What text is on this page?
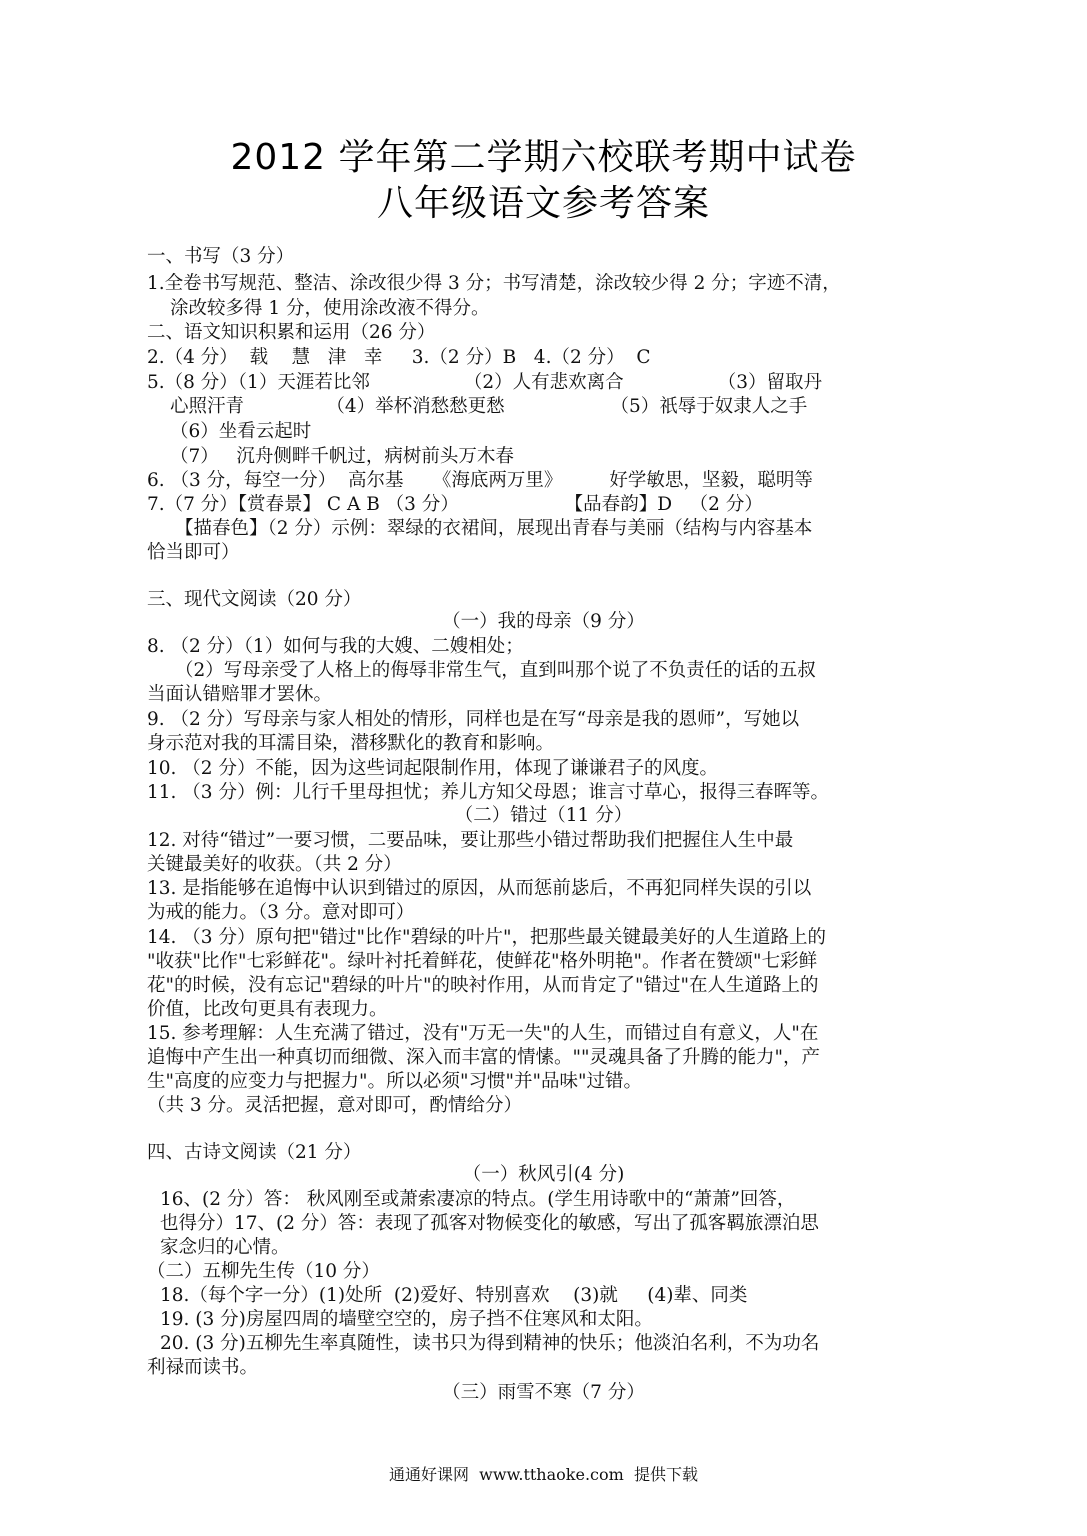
2012 学年第二学期六校联考期中试卷
八年级语文参考答案
一、书写（3 分）
1.全卷书写规范、整洁、涂改很少得 3 分；书写清楚，涂改较少得 2 分；字迹不清，
涂改较多得 1 分，使用涂改液不得分。
二、语文知识积累和运用（26 分）
2.（4 分）  载    慧   津   幸     3.（2 分）B   4.（2 分）  C
5.（8 分）（1）天涯若比邻                （2）人有悲欢离合                （3）留取丹
心照汗青              （4）举杯消愁愁更愁                  （5）祇辱于奴隶人之手
（6）坐看云起时
（7）   沉舟侧畔千帆过，病树前头万木春
6. （3 分，每空一分）  高尔基     《海底两万里》        好学敏思，坚毅，聪明等
7.（7 分）【赏春景】 C A B （3 分）                  【品春韵】D   （2 分）
【描春色】（2 分）示例：翠绿的衣裙间，展现出青春与美丽（结构与内容基本
恰当即可）
三、现代文阅读（20 分）
（一）我的母亲（9 分）
8. （2 分）（1）如何与我的大嫂、二嫂相处；
（2）写母亲受了人格上的侮辱非常生气，直到叫那个说了不负责任的话的五叔
当面认错赔罪才罢休。
9. （2 分）写母亲与家人相处的情形，同样也是在写“母亲是我的恩师”，写她以
身示范对我的耳濡目染，潜移默化的教育和影响。
10. （2 分）不能，因为这些词起限制作用，体现了谦谦君子的风度。
11. （3 分）例：儿行千里母担忧；养儿方知父母恩；谁言寸草心，报得三春晖等。
（二）错过（11 分）
12. 对待“错过”一要习惯，二要品味，要让那些小错过帮助我们把握住人生中最
关键最美好的收获。（共 2 分）
13. 是指能够在追悔中认识到错过的原因，从而惩前毖后，不再犯同样失误的引以
为戒的能力。（3 分。意对即可）
14. （3 分）原句把"错过"比作"碧绿的叶片"，把那些最关键最美好的人生道路上的
"收获"比作"七彩鲜花"。绿叶衬托着鲜花，使鲜花"格外明艳"。作者在赞颂"七彩鲜
花"的时候，没有忘记"碧绿的叶片"的映衬作用，从而肯定了"错过"在人生道路上的
价值，比改句更具有表现力。
15. 参考理解：人生充满了错过，没有"万无一失"的人生，而错过自有意义，人"在
追悔中产生出一种真切而细微、深入而丰富的情愫。""灵魂具备了升腾的能力"，产
生"高度的应变力与把握力"。所以必须"习惯"并"品味"过错。
（共 3 分。灵活把握，意对即可，酌情给分）
四、古诗文阅读（21 分）
（一）秋风引(4 分)
16、(2 分）答： 秋风刚至或萧索凄凉的特点。(学生用诗歌中的“萧萧”回答，
也得分）17、(2 分）答：表现了孤客对物候变化的敏感，写出了孤客羁旅漂泊思
家念归的心情。
（二）五柳先生传（10 分）
18.（每个字一分）(1)处所  (2)爱好、特别喜欢    (3)就     (4)辈、同类
19. (3 分)房屋四周的墙壁空空的，房子挡不住寒风和太阳。
20. (3 分)五柳先生率真随性，读书只为得到精神的快乐；他淡泊名利，不为功名
利禄而读书。
（三）雨雪不寒（7 分）
通通好课网  www.tthaoke.com  提供下载
